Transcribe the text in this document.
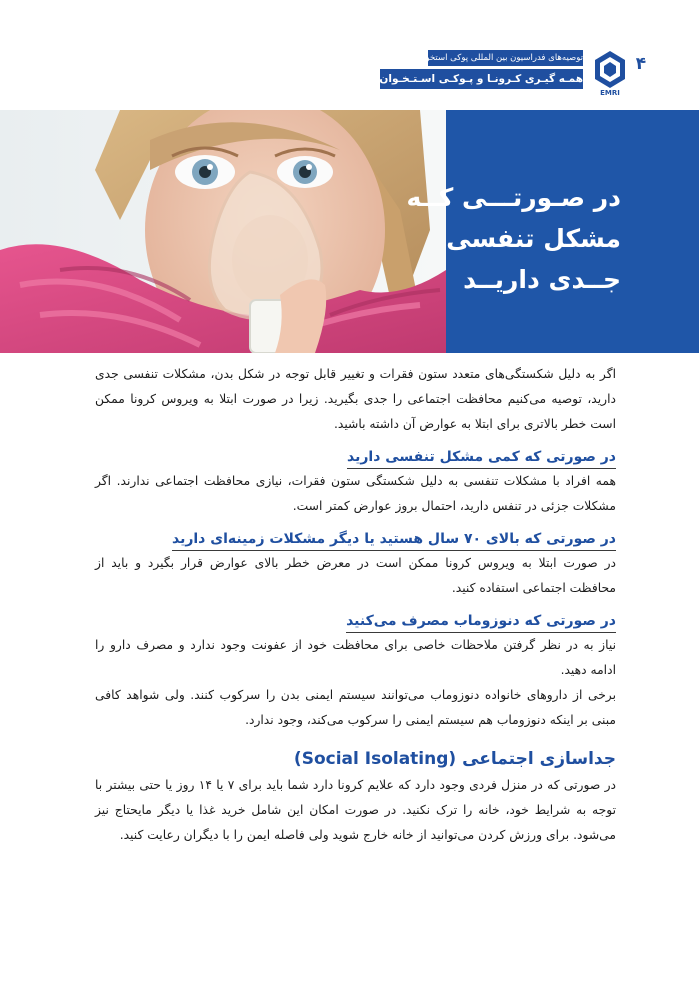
توصیه‌های فدراسیون بین المللی پوکی استخوان
همـه گیـری کـرونـا و پـوکـی اسـتـخـوان
EMRI
۴
در صـورتـــی کــه
مشکل تنفسی
جــدی داریــد

اگر به دلیل شکستگی‌های متعدد ستون فقرات و تغییر قابل توجه در شکل بدن، مشکلات تنفسی جدی دارید، توصیه می‌کنیم محافظت اجتماعی را جدی بگیرید. زیرا در صورت ابتلا به ویروس کرونا ممکن است خطر بالاتری برای ابتلا به عوارض آن داشته باشید.

در صورتی که کمی مشکل تنفسی دارید

همه افراد با مشکلات تنفسی به دلیل شکستگی ستون فقرات، نیازی محافظت اجتماعی ندارند. اگر مشکلات جزئی در تنفس دارید، احتمال بروز عوارض کمتر است.

در صورتی که بالای ۷۰ سال هستید یا دیگر مشکلات زمینه‌ای دارید

در صورت ابتلا به ویروس کرونا ممکن است در معرض خطر بالای عوارض قرار بگیرد و باید از محافظت اجتماعی استفاده کنید.

در صورتی که دنوزوماب مصرف می‌کنید

نیاز به در نظر گرفتن ملاحظات خاصی برای محافظت خود از عفونت وجود ندارد و مصرف دارو را ادامه دهید.

برخی از داروهای خانواده دنوزوماب می‌توانند سیستم ایمنی بدن را سرکوب کنند. ولی شواهد کافی مبنی بر اینکه دنوزوماب هم سیستم ایمنی را سرکوب می‌کند، وجود ندارد.

جداسازی اجتماعی (Social Isolating)

در صورتی که در منزل فردی وجود دارد که علایم کرونا دارد شما باید برای ۷ یا ۱۴ روز یا حتی بیشتر با توجه به شرایط خود، خانه را ترک نکنید. در صورت امکان این شامل خرید غذا یا دیگر مایحتاج نیز می‌شود. برای ورزش کردن می‌توانید از خانه خارج شوید ولی فاصله ایمن را با دیگران رعایت کنید.
